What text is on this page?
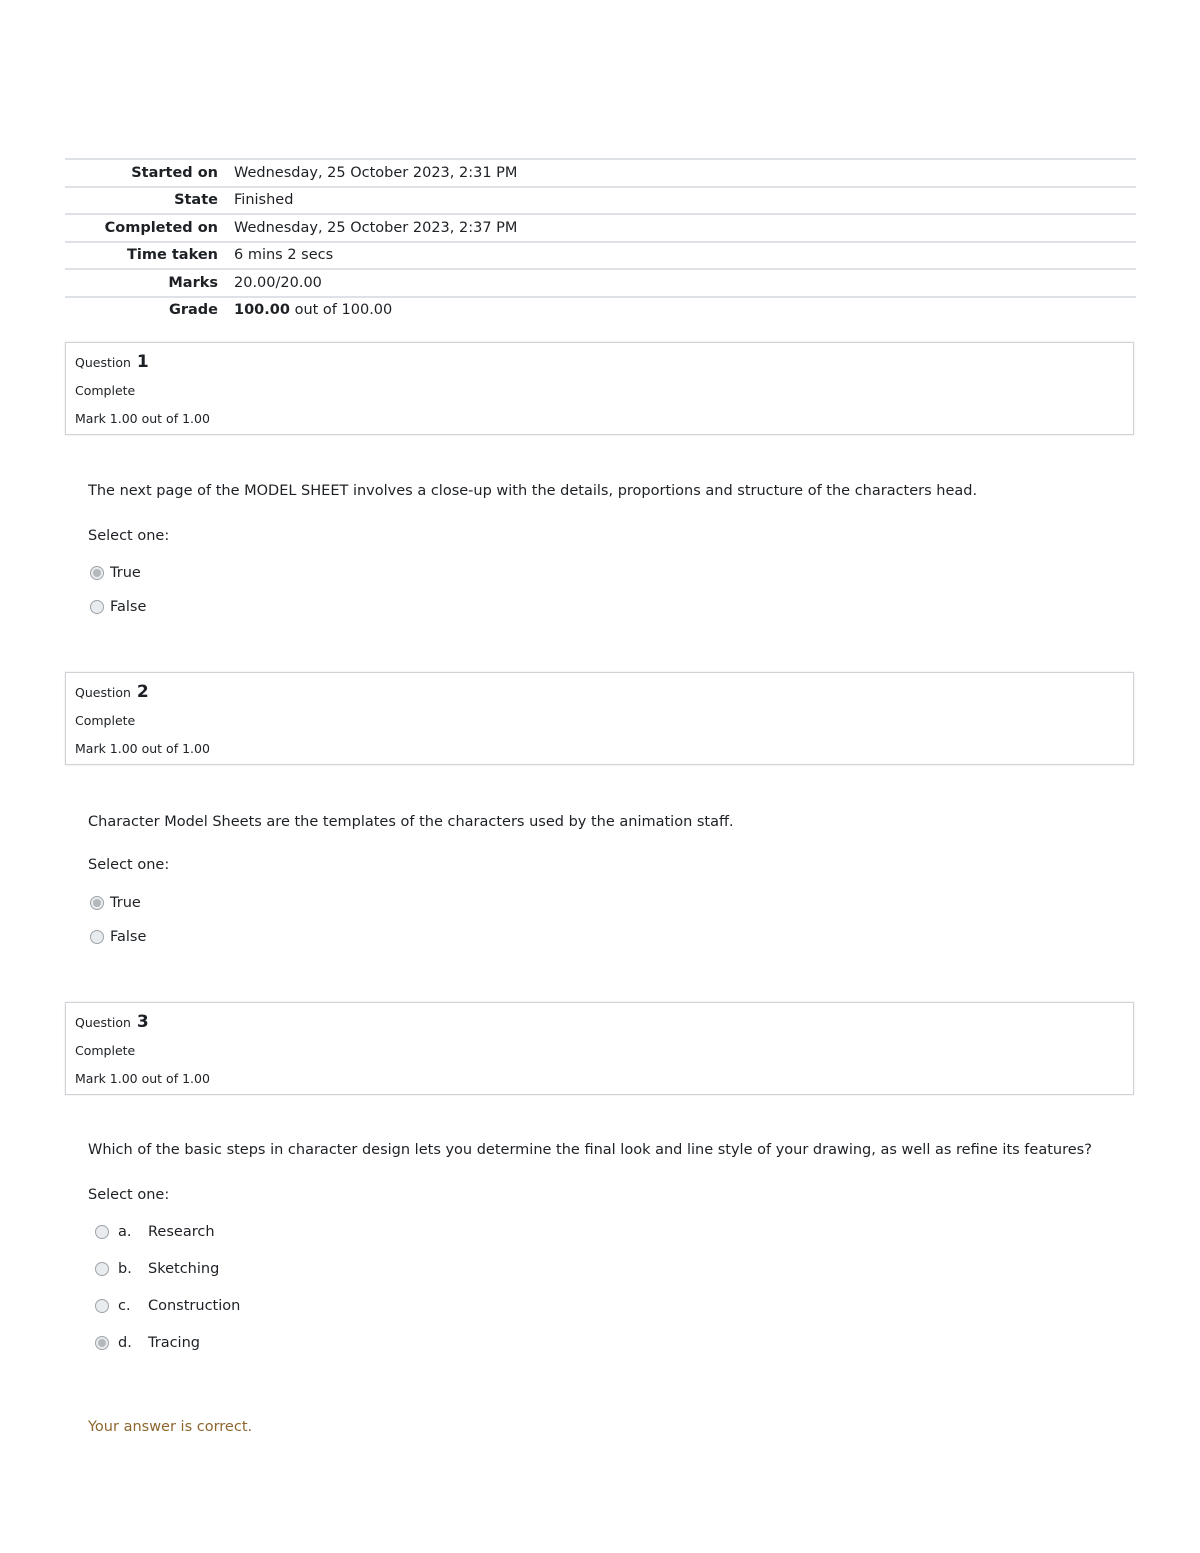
Started on	Wednesday, 25 October 2023, 2:31 PM
State	Finished
Completed on	Wednesday, 25 October 2023, 2:37 PM
Time taken	6 mins 2 secs
Marks	20.00/20.00
Grade	100.00 out of 100.00
Question 1
Complete
Mark 1.00 out of 1.00
The next page of the MODEL SHEET involves a close-up with the details, proportions and structure of the characters head.
Select one:
True
False
Question 2
Complete
Mark 1.00 out of 1.00
Character Model Sheets are the templates of the characters used by the animation staff.
Select one:
True
False
Question 3
Complete
Mark 1.00 out of 1.00
Which of the basic steps in character design lets you determine the final look and line style of your drawing, as well as refine its features?
Select one:
a.	Research
b.	Sketching
c.	Construction
d.	Tracing
Your answer is correct.
